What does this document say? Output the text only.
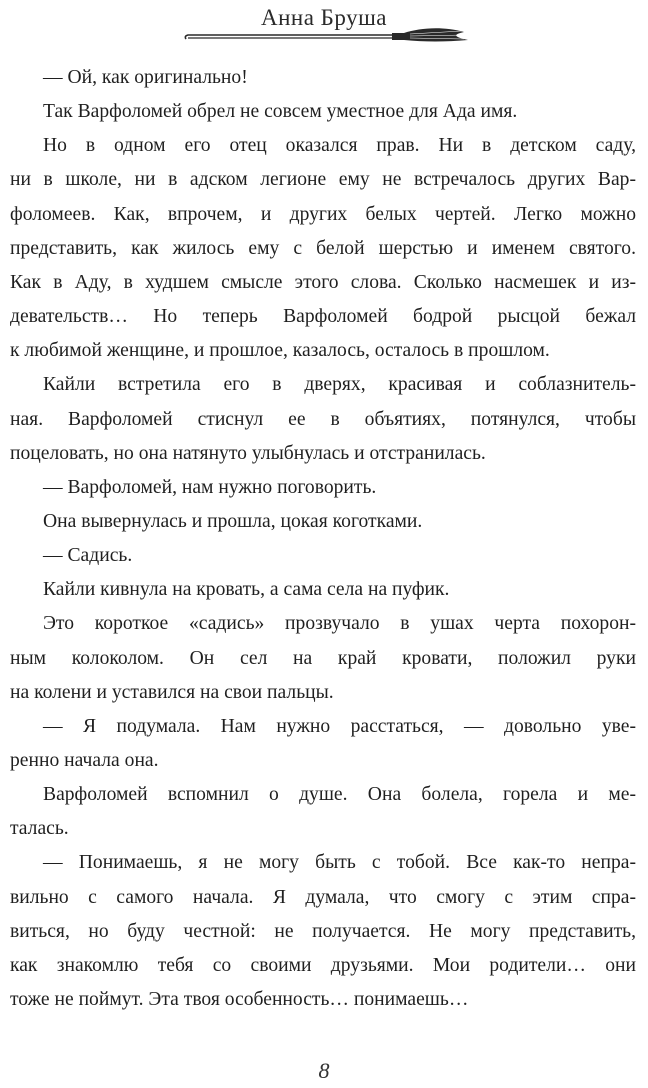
Анна Бруша
— Ой, как оригинально!
Так Варфоломей обрел не совсем уместное для Ада имя.
Но в одном его отец оказался прав. Ни в детском саду,
ни в школе, ни в адском легионе ему не встречалось других Вар-
фоломеев. Как, впрочем, и других белых чертей. Легко можно
представить, как жилось ему с белой шерстью и именем святого.
Как в Аду, в худшем смысле этого слова. Сколько насмешек и из-
девательств… Но теперь Варфоломей бодрой рысцой бежал
к любимой женщине, и прошлое, казалось, осталось в прошлом.
Кайли встретила его в дверях, красивая и соблазнитель-
ная. Варфоломей стиснул ее в объятиях, потянулся, чтобы
поцеловать, но она натянуто улыбнулась и отстранилась.
— Варфоломей, нам нужно поговорить.
Она вывернулась и прошла, цокая коготками.
— Садись.
Кайли кивнула на кровать, а сама села на пуфик.
Это короткое «садись» прозвучало в ушах черта похорон-
ным колоколом. Он сел на край кровати, положил руки
на колени и уставился на свои пальцы.
— Я подумала. Нам нужно расстаться, — довольно уве-
ренно начала она.
Варфоломей вспомнил о душе. Она болела, горела и ме-
талась.
— Понимаешь, я не могу быть с тобой. Все как-то непра-
вильно с самого начала. Я думала, что смогу с этим спра-
виться, но буду честной: не получается. Не могу представить,
как знакомлю тебя со своими друзьями. Мои родители… они
тоже не поймут. Эта твоя особенность… понимаешь…
8
